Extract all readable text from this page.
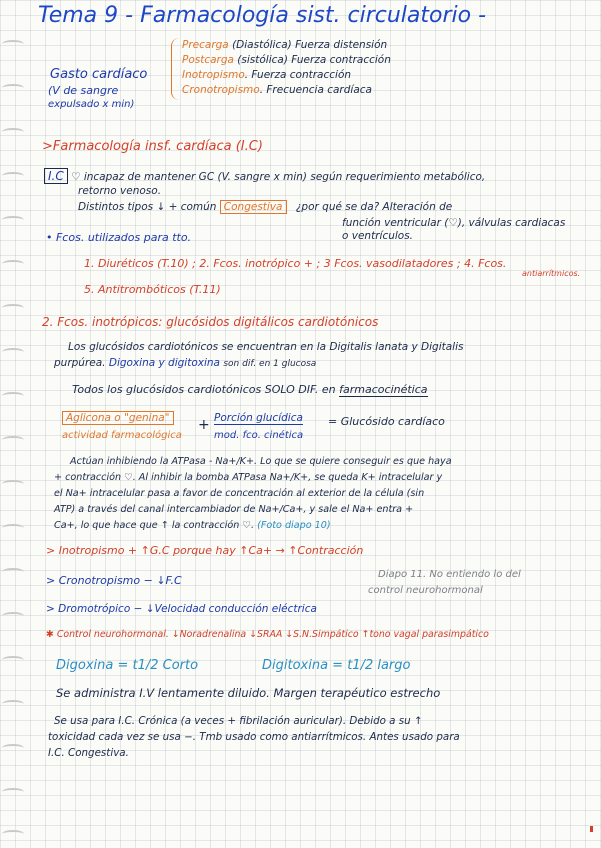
Tema 9 - Farmacología sist. circulatorio -

Gasto cardíaco
(V de sangre
expulsado x min)
Precarga (Diastólica) Fuerza distensión
Postcarga (sistólica) Fuerza contracción
Inotropismo. Fuerza contracción
Cronotropismo. Frecuencia cardíaca
>Farmacología insf. cardíaca (I.C)
I.C ♡ incapaz de mantener GC (V. sangre x min) según requerimiento metabólico,
retorno venoso.
Distintos tipos ↓ + común Congestiva ¿por qué se da? Alteración de
función ventricular (♡), válvulas cardiacas
o ventrículos.
• Fcos. utilizados para tto.
1. Diuréticos (T.10) ; 2. Fcos. inotrópico + ; 3 Fcos. vasodilatadores ; 4. Fcos.
antiarrítmicos.
5. Antitrombóticos (T.11)
2. Fcos. inotrópicos: glucósidos digitálicos cardiotónicos
Los glucósidos cardiotónicos se encuentran en la Digitalis lanata y Digitalis
purpúrea. Digoxina y digitoxina son dif. en 1 glucosa
Todos los glucósidos cardiotónicos SOLO DIF. en farmacocinética
Aglicona o "genina"
actividad farmacológica
+ Porción glucídica
mod. fco. cinética
= Glucósido cardíaco
Actúan inhibiendo la ATPasa - Na+/K+. Lo que se quiere conseguir es que haya
+ contracción ♡. Al inhibir la bomba ATPasa Na+/K+, se queda K+ intracelular y
el Na+ intracelular pasa a favor de concentración al exterior de la célula (sin
ATP) a través del canal intercambiador de Na+/Ca+, y sale el Na+ entra +
Ca+, lo que hace que ↑ la contracción ♡. (Foto diapo 10)
> Inotropismo + ↑G.C porque hay ↑Ca+ → ↑Contracción
> Cronotropismo − ↓F.C	Diapo 11. No entiendo lo del
control neurohormonal
> Dromotrópico − ↓Velocidad conducción eléctrica
✱ Control neurohormonal. ↓Noradrenalina ↓SRAA ↓S.N.Simpático ↑tono vagal parasimpático
Digoxina = t1/2 Corto	Digitoxina = t1/2 largo
Se administra I.V lentamente diluido. Margen terapéutico estrecho
Se usa para I.C. Crónica (a veces + fibrilación auricular). Debido a su ↑
toxicidad cada vez se usa −. Tmb usado como antiarrítmicos. Antes usado para
I.C. Congestiva.
